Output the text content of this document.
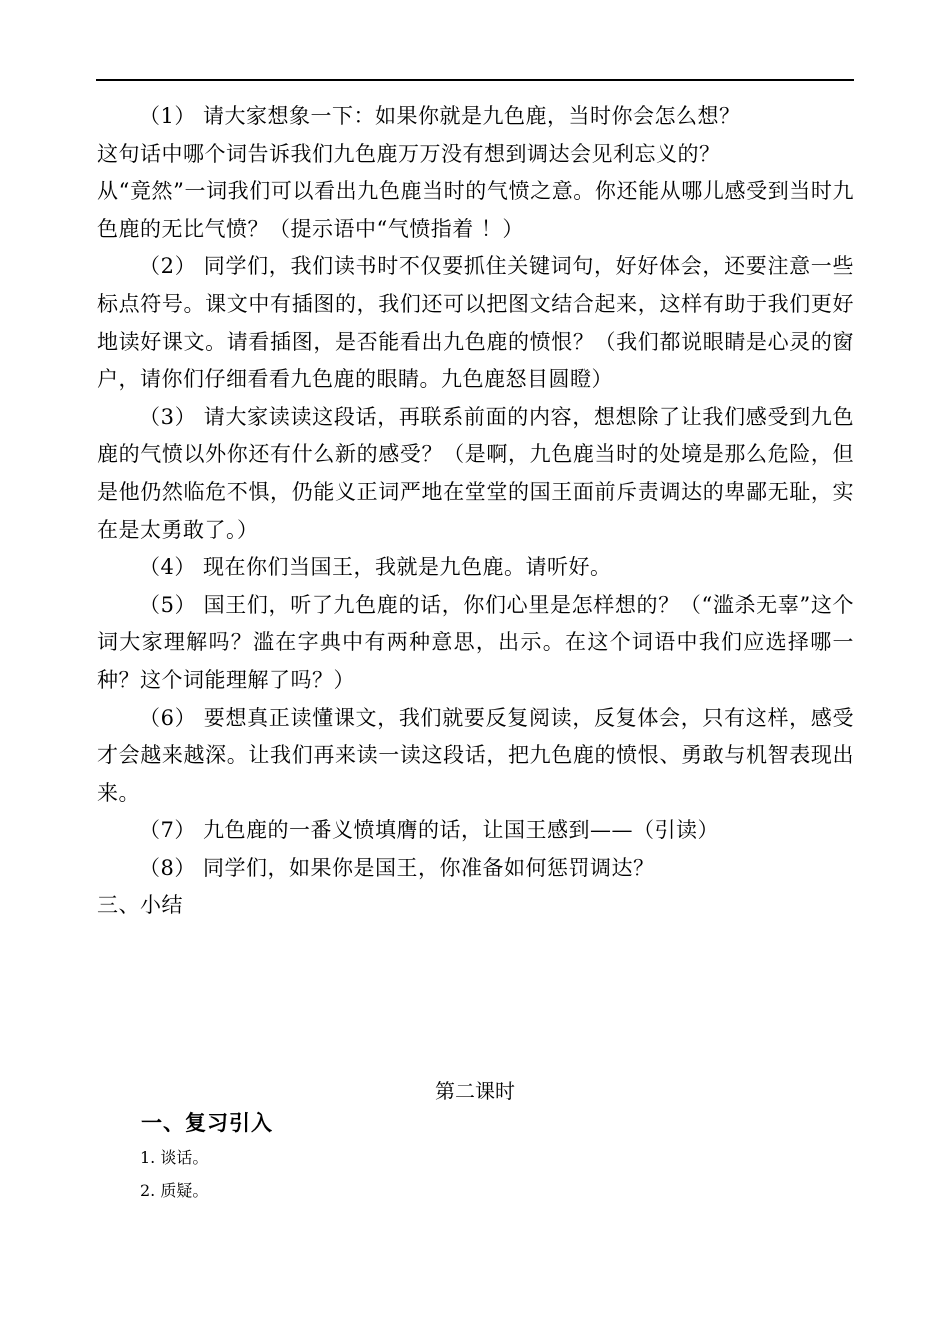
（1） 请大家想象一下：如果你就是九色鹿，当时你会怎么想？

这句话中哪个词告诉我们九色鹿万万没有想到调达会见利忘义的？

从“竟然”一词我们可以看出九色鹿当时的气愤之意。你还能从哪儿感受到当时九色鹿的无比气愤？（提示语中“气愤指着 ！）

（2） 同学们，我们读书时不仅要抓住关键词句，好好体会，还要注意一些标点符号。课文中有插图的，我们还可以把图文结合起来，这样有助于我们更好地读好课文。请看插图，是否能看出九色鹿的愤恨？（我们都说眼睛是心灵的窗户，请你们仔细看看九色鹿的眼睛。九色鹿怒目圆瞪）

（3） 请大家读读这段话，再联系前面的内容，想想除了让我们感受到九色鹿的气愤以外你还有什么新的感受？（是啊，九色鹿当时的处境是那么危险，但是他仍然临危不惧，仍能义正词严地在堂堂的国王面前斥责调达的卑鄙无耻，实在是太勇敢了。）

（4） 现在你们当国王，我就是九色鹿。请听好。

（5） 国王们，听了九色鹿的话，你们心里是怎样想的？（“滥杀无辜”这个词大家理解吗？滥在字典中有两种意思，出示。在这个词语中我们应选择哪一种？这个词能理解了吗？）

（6） 要想真正读懂课文，我们就要反复阅读，反复体会，只有这样，感受才会越来越深。让我们再来读一读这段话，把九色鹿的愤恨、勇敢与机智表现出来。

（7） 九色鹿的一番义愤填膺的话，让国王感到——（引读）

（8） 同学们，如果你是国王，你准备如何惩罚调达？

三、小结

第二课时
一、复习引入
1. 谈话。
2. 质疑。
